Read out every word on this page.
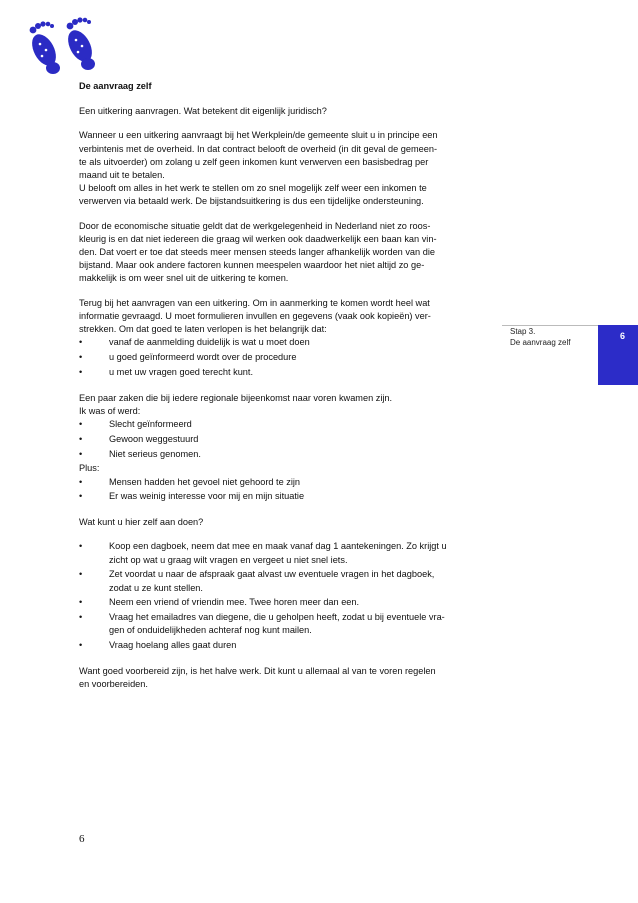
De aanvraag zelf

Een uitkering aanvragen. Wat betekent dit eigenlijk juridisch?

Wanneer u een uitkering aanvraagt bij het Werkplein/de gemeente sluit u in principe een
verbintenis met de overheid. In dat contract belooft de overheid (in dit geval de gemeen-
te als uitvoerder) om zolang u zelf geen inkomen kunt verwerven een basisbedrag per
maand uit te betalen.
U belooft om alles in het werk te stellen om zo snel mogelijk zelf weer een inkomen te
verwerven via betaald werk. De bijstandsuitkering is dus een tijdelijke ondersteuning.

Door de economische situatie geldt dat de werkgelegenheid in Nederland niet zo roos-
kleurig is en dat niet iedereen die graag wil werken ook daadwerkelijk een baan kan vin-
den. Dat voert er toe dat steeds meer mensen steeds langer afhankelijk worden van die
bijstand. Maar ook andere factoren kunnen meespelen waardoor het niet altijd zo ge-
makkelijk is om weer snel uit de uitkering te komen.

Terug bij het aanvragen van een uitkering. Om in aanmerking te komen wordt heel wat
informatie gevraagd. U moet formulieren invullen en gegevens (vaak ook kopieën) ver-
strekken. Om dat goed te laten verlopen is het belangrijk dat:

•	vanaf de aanmelding duidelijk is wat u moet doen
•	u goed geïnformeerd wordt over de procedure
•	u met uw vragen goed terecht kunt.

Een paar zaken die bij iedere regionale bijeenkomst naar voren kwamen zijn.
Ik was of werd:

•	Slecht geïnformeerd
•	Gewoon weggestuurd
•	Niet serieus genomen.

Plus:

•	Mensen hadden het gevoel niet gehoord te zijn
•	Er was weinig interesse voor mij en mijn situatie

Wat kunt u hier zelf aan doen?

•	Koop een dagboek, neem dat mee en maak vanaf dag 1 aantekeningen. Zo krijgt u
zicht op wat u graag wilt vragen en vergeet u niet snel iets.
•	Zet voordat u naar de afspraak gaat alvast uw eventuele vragen in het dagboek,
zodat u ze kunt stellen.
•	Neem een vriend of vriendin mee. Twee horen meer dan een.
•	Vraag het emailadres van diegene, die u geholpen heeft, zodat u bij eventuele vra-
gen of onduidelijkheden achteraf nog kunt mailen.
•	Vraag hoelang alles gaat duren

Want goed voorbereid zijn, is het halve werk. Dit kunt u allemaal al van te voren regelen
en voorbereiden.

Stap 3.
De aanvraag zelf
6
6
